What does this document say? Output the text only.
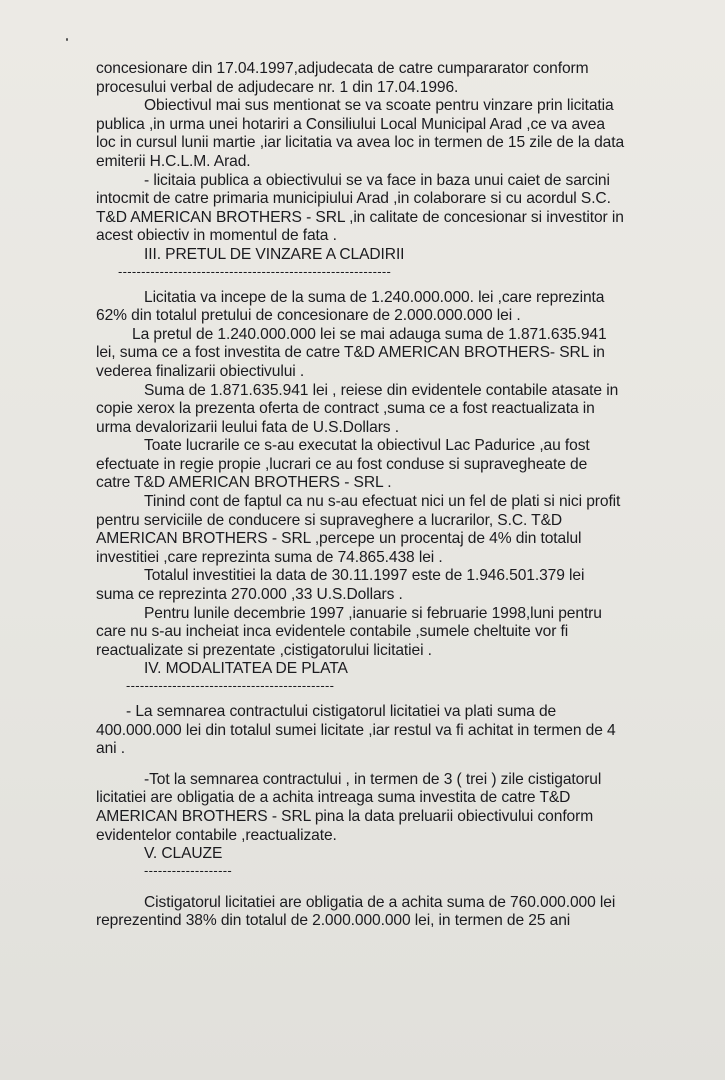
concesionare din 17.04.1997,adjudecata de catre cumpararator conform
procesului verbal de adjudecare nr. 1 din 17.04.1996.
Obiectivul mai sus mentionat se va scoate pentru vinzare prin licitatia
publica ,in urma unei hotariri a Consiliului Local Municipal Arad ,ce va avea
loc in cursul lunii martie ,iar licitatia va avea loc in termen de 15 zile de la data
emiterii H.C.L.M. Arad.
- licitaia publica a obiectivului se va face in baza unui caiet de sarcini
intocmit de catre primaria municipiului Arad ,in colaborare si cu acordul S.C.
T&D AMERICAN BROTHERS - SRL ,in calitate de concesionar si investitor in
acest obiectiv in momentul de fata .
III. PRETUL DE VINZARE A CLADIRII
-----------------------------------------------------------
Licitatia va incepe de la suma de 1.240.000.000. lei ,care reprezinta
62% din totalul pretului de concesionare de 2.000.000.000 lei .
La pretul de 1.240.000.000 lei se mai adauga suma de 1.871.635.941
lei, suma ce a fost investita de catre T&D AMERICAN BROTHERS- SRL in
vederea finalizarii obiectivului .
Suma de 1.871.635.941 lei , reiese din evidentele contabile atasate in
copie xerox la prezenta oferta de contract ,suma ce a fost reactualizata in
urma devalorizarii leului fata de U.S.Dollars .
Toate lucrarile ce s-au executat la obiectivul Lac Padurice ,au fost
efectuate in regie propie ,lucrari ce au fost conduse si supravegheate de
catre T&D AMERICAN BROTHERS - SRL .
Tinind cont de faptul ca nu s-au efectuat nici un fel de plati si nici profit
pentru serviciile de conducere si supraveghere a lucrarilor, S.C. T&D
AMERICAN BROTHERS - SRL ,percepe un procentaj de 4% din totalul
investitiei ,care reprezinta suma de 74.865.438 lei .
Totalul investitiei la data de 30.11.1997 este de 1.946.501.379 lei
suma ce reprezinta 270.000 ,33 U.S.Dollars .
Pentru lunile decembrie 1997 ,ianuarie si februarie 1998,luni pentru
care nu s-au incheiat inca evidentele contabile ,sumele cheltuite vor fi
reactualizate si prezentate ,cistigatorului licitatiei .
IV. MODALITATEA DE PLATA
---------------------------------------------
- La semnarea contractului cistigatorul licitatiei va plati suma de
400.000.000 lei din totalul sumei licitate ,iar restul va fi achitat in termen de 4
ani .
-Tot la semnarea contractului , in termen de 3 ( trei ) zile cistigatorul
licitatiei are obligatia de a achita intreaga suma investita de catre T&D
AMERICAN BROTHERS - SRL pina la data preluarii obiectivului conform
evidentelor contabile ,reactualizate.
V. CLAUZE
-------------------
Cistigatorul licitatiei are obligatia de a achita suma de 760.000.000 lei
reprezentind 38% din totalul de 2.000.000.000 lei, in termen de 25 ani
